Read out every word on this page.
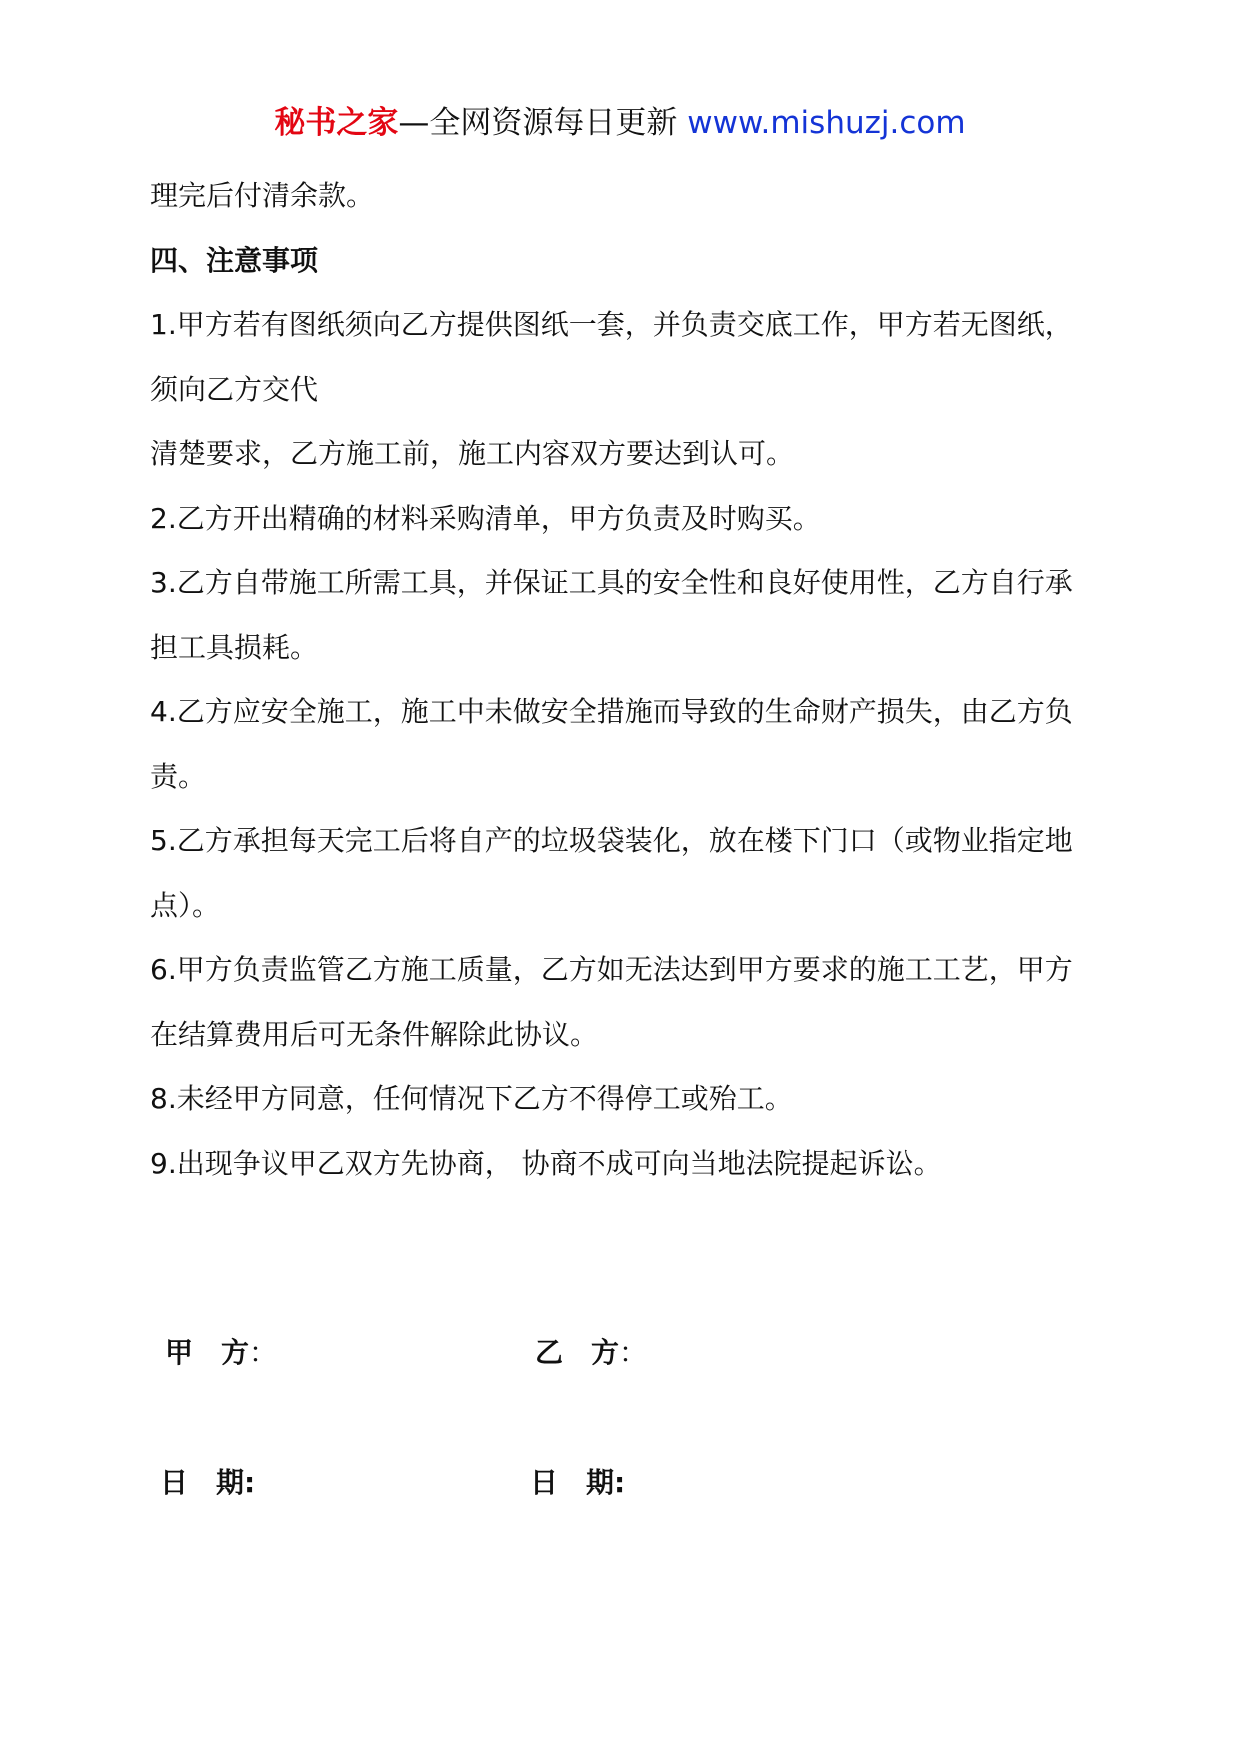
秘书之家—全网资源每日更新 www.mishuzj.com
理完后付清余款。
四、注意事项
1.甲方若有图纸须向乙方提供图纸一套，并负责交底工作，甲方若无图纸，
须向乙方交代
清楚要求，乙方施工前，施工内容双方要达到认可。
2.乙方开出精确的材料采购清单，甲方负责及时购买。
3.乙方自带施工所需工具，并保证工具的安全性和良好使用性，乙方自行承
担工具损耗。
4.乙方应安全施工，施工中未做安全措施而导致的生命财产损失，由乙方负
责。
5.乙方承担每天完工后将自产的垃圾袋装化，放在楼下门口（或物业指定地
点）。
6.甲方负责监管乙方施工质量，乙方如无法达到甲方要求的施工工艺，甲方
在结算费用后可无条件解除此协议。
8.未经甲方同意，任何情况下乙方不得停工或殆工。
9.出现争议甲乙双方先协商， 协商不成可向当地法院提起诉讼。
甲　方：	乙　方：
日　期:	日　期:
